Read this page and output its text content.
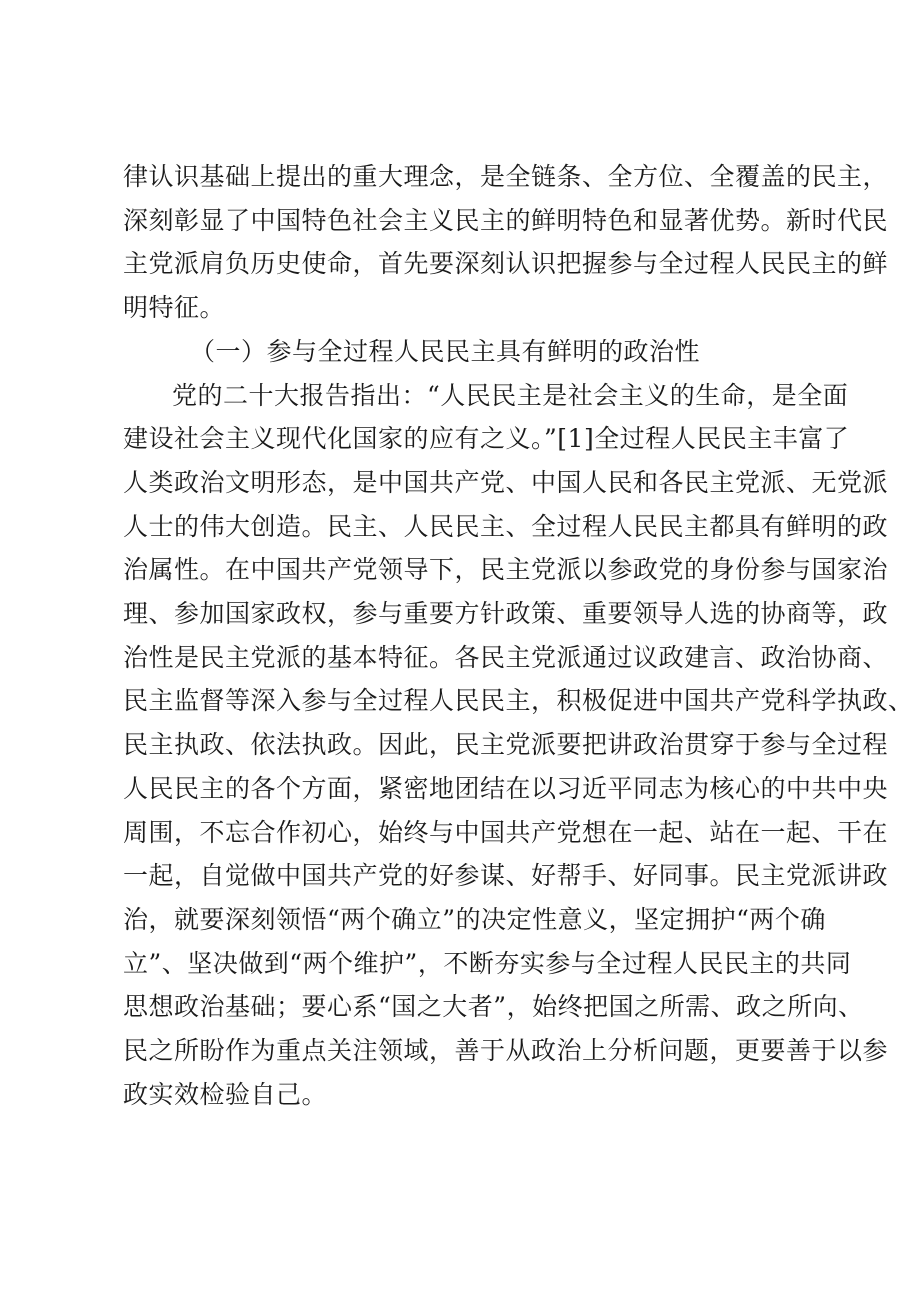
律认识基础上提出的重大理念，是全链条、全方位、全覆盖的民主，
深刻彰显了中国特色社会主义民主的鲜明特色和显著优势。新时代民
主党派肩负历史使命，首先要深刻认识把握参与全过程人民民主的鲜
明特征。
（一）参与全过程人民民主具有鲜明的政治性
党的二十大报告指出：“人民民主是社会主义的生命，是全面
建设社会主义现代化国家的应有之义。”[1]全过程人民民主丰富了
人类政治文明形态，是中国共产党、中国人民和各民主党派、无党派
人士的伟大创造。民主、人民民主、全过程人民民主都具有鲜明的政
治属性。在中国共产党领导下，民主党派以参政党的身份参与国家治
理、参加国家政权，参与重要方针政策、重要领导人选的协商等，政
治性是民主党派的基本特征。各民主党派通过议政建言、政治协商、
民主监督等深入参与全过程人民民主，积极促进中国共产党科学执政、
民主执政、依法执政。因此，民主党派要把讲政治贯穿于参与全过程
人民民主的各个方面，紧密地团结在以习近平同志为核心的中共中央
周围，不忘合作初心，始终与中国共产党想在一起、站在一起、干在
一起，自觉做中国共产党的好参谋、好帮手、好同事。民主党派讲政
治，就要深刻领悟“两个确立”的决定性意义，坚定拥护“两个确
立”、坚决做到“两个维护”，不断夯实参与全过程人民民主的共同
思想政治基础；要心系“国之大者”，始终把国之所需、政之所向、
民之所盼作为重点关注领域，善于从政治上分析问题，更要善于以参
政实效检验自己。
